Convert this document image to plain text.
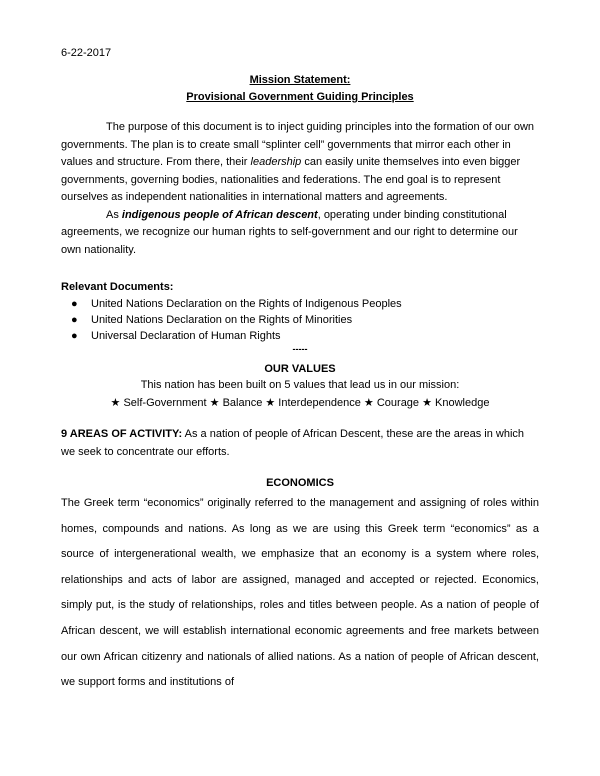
6-22-2017
Mission Statement:
Provisional Government Guiding Principles
The purpose of this document is to inject guiding principles into the formation of our own governments. The plan is to create small “splinter cell” governments that mirror each other in values and structure. From there, their leadership can easily unite themselves into even bigger governments, governing bodies, nationalities and federations. The end goal is to represent ourselves as independent nationalities in international matters and agreements.
As indigenous people of African descent, operating under binding constitutional agreements, we recognize our human rights to self-government and our right to determine our own nationality.
Relevant Documents:
● United Nations Declaration on the Rights of Indigenous Peoples
● United Nations Declaration on the Rights of Minorities
● Universal Declaration of Human Rights
-----
OUR VALUES
This nation has been built on 5 values that lead us in our mission:
★ Self-Government ★ Balance ★ Interdependence ★ Courage ★ Knowledge
9 AREAS OF ACTIVITY: As a nation of people of African Descent, these are the areas in which we seek to concentrate our efforts.
ECONOMICS

The Greek term “economics” originally referred to the management and assigning of roles within homes, compounds and nations. As long as we are using this Greek term “economics” as a source of intergenerational wealth, we emphasize that an economy is a system where roles, relationships and acts of labor are assigned, managed and accepted or rejected. Economics, simply put, is the study of relationships, roles and titles between people. As a nation of people of African descent, we will establish international economic agreements and free markets between our own African citizenry and nationals of allied nations. As a nation of people of African descent, we support forms and institutions of
